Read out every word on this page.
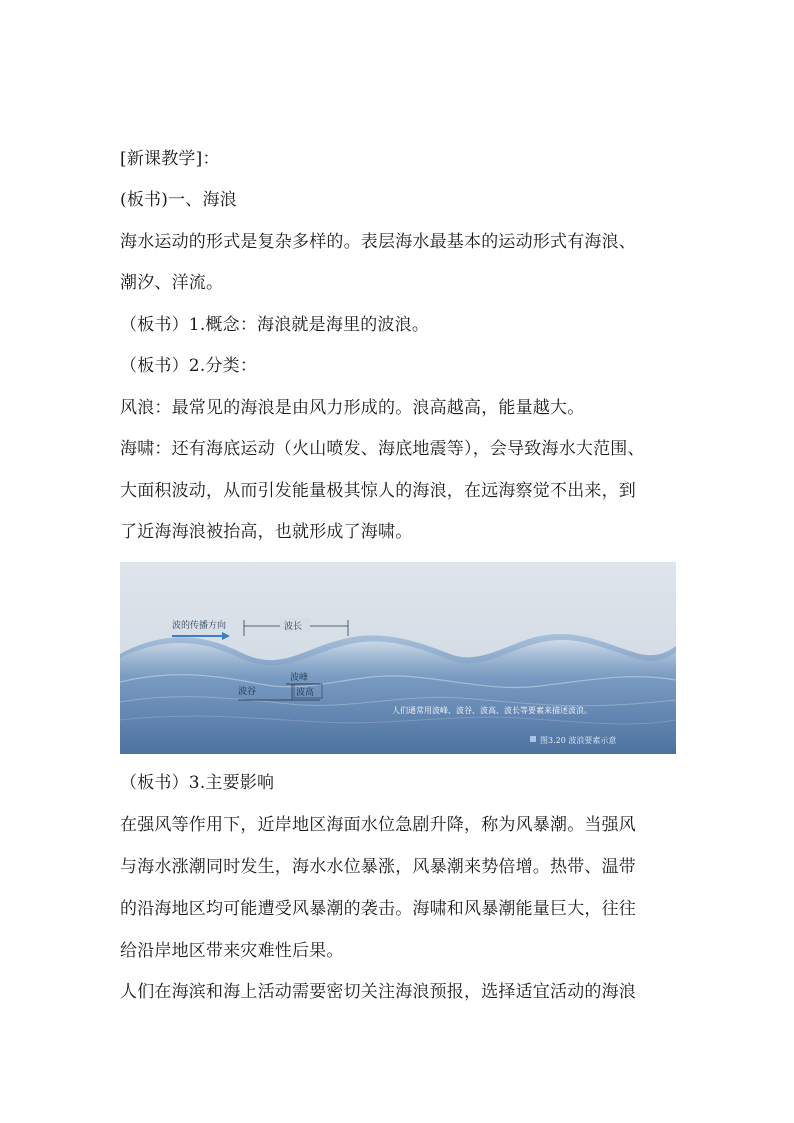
[新课教学]：
(板书)一、海浪
海水运动的形式是复杂多样的。表层海水最基本的运动形式有海浪、
潮汐、洋流。
（板书）1.概念：海浪就是海里的波浪。
（板书）2.分类：
风浪：最常见的海浪是由风力形成的。浪高越高，能量越大。
海啸：还有海底运动（火山喷发、海底地震等），会导致海水大范围、
大面积波动，从而引发能量极其惊人的海浪，在远海察觉不出来，到
了近海海浪被抬高，也就形成了海啸。
波的传播方向	波长
波峰
波谷	波高
人们通常用波峰、波谷、波高、波长等要素来描述波浪。
图3.20 波浪要素示意
（板书）3.主要影响
在强风等作用下，近岸地区海面水位急剧升降，称为风暴潮。当强风
与海水涨潮同时发生，海水水位暴涨，风暴潮来势倍增。热带、温带
的沿海地区均可能遭受风暴潮的袭击。海啸和风暴潮能量巨大，往往
给沿岸地区带来灾难性后果。
人们在海滨和海上活动需要密切关注海浪预报，选择适宜活动的海浪
